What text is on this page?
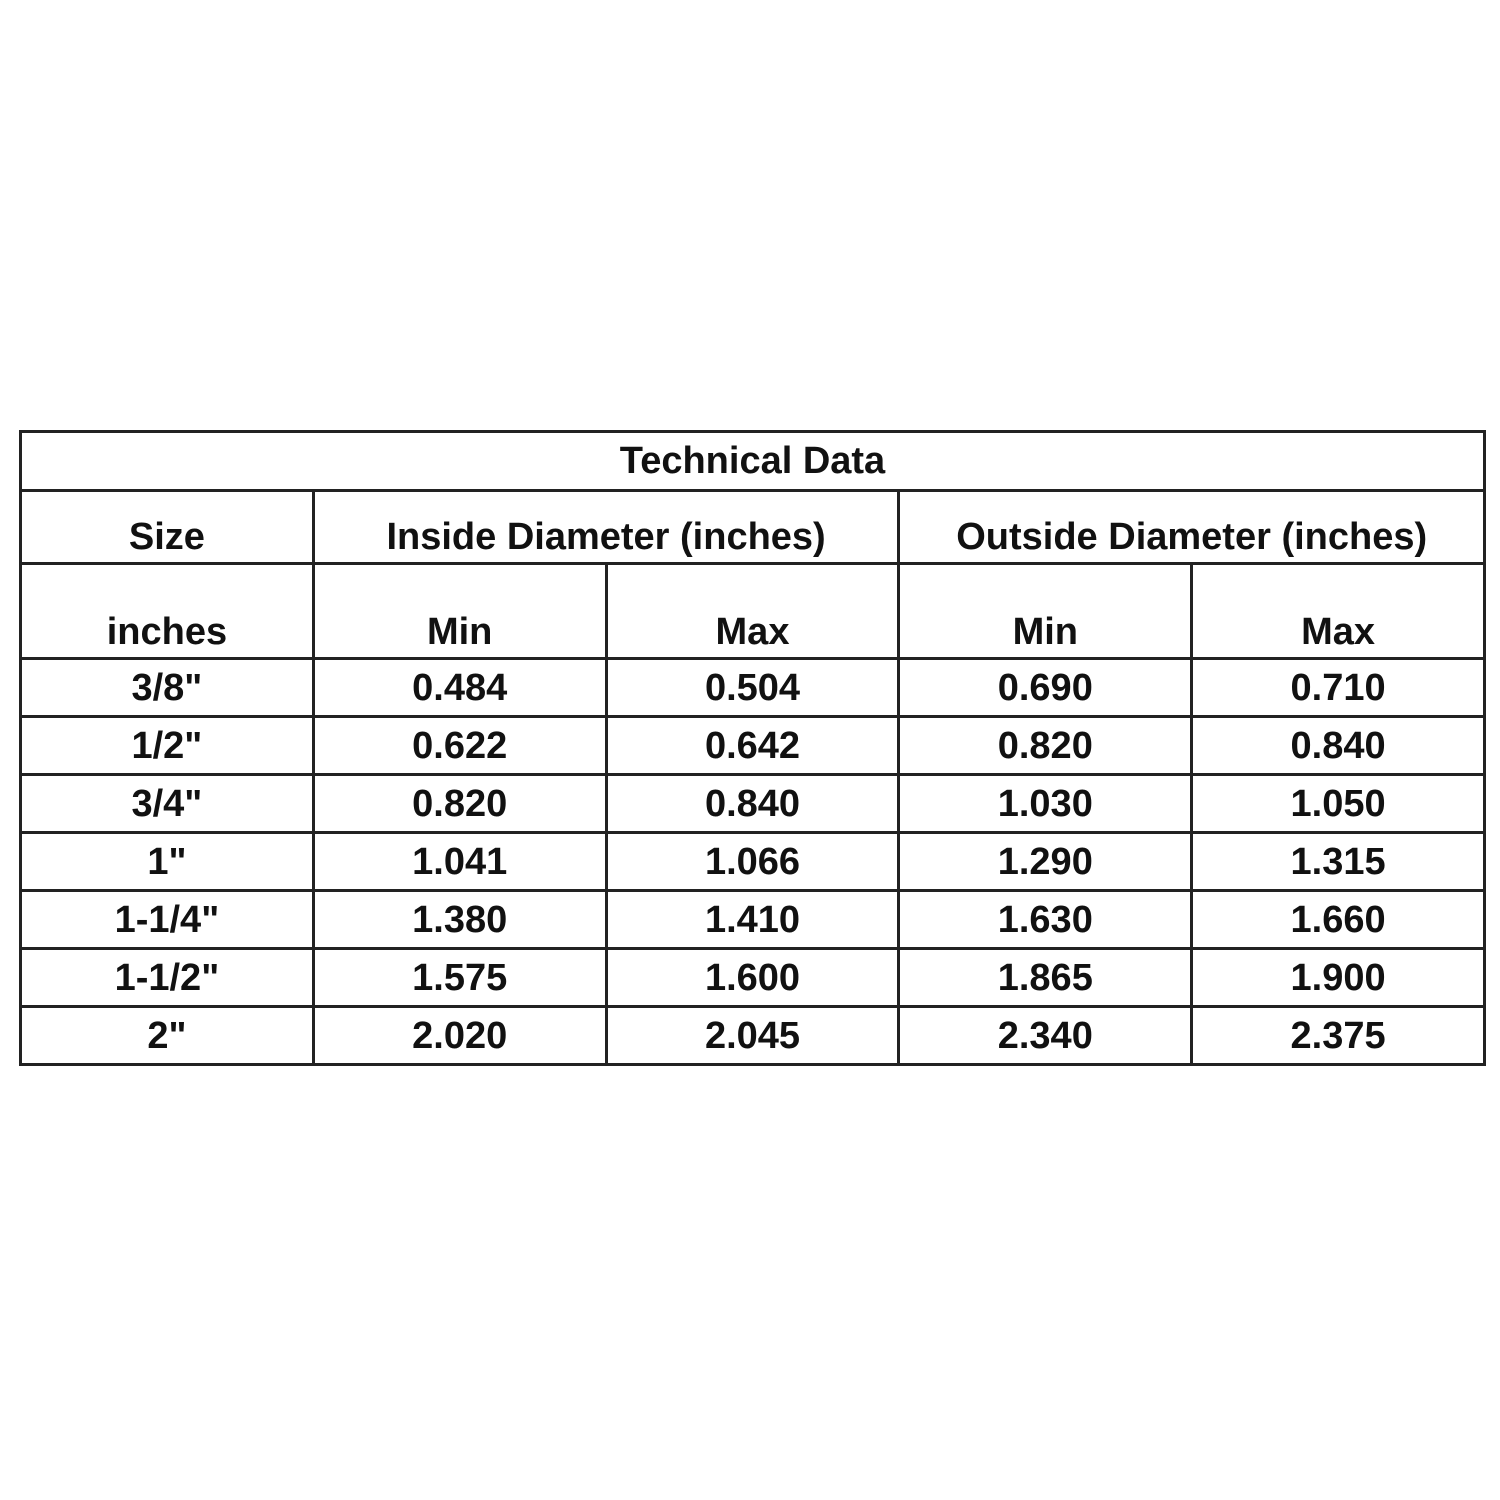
Technical Data				
Size	Inside Diameter (inches)		Outside Diameter (inches)	
inches	Min	Max	Min	Max
3/8"	0.484	0.504	0.690	0.710
1/2"	0.622	0.642	0.820	0.840
3/4"	0.820	0.840	1.030	1.050
1"	1.041	1.066	1.290	1.315
1-1/4"	1.380	1.410	1.630	1.660
1-1/2"	1.575	1.600	1.865	1.900
2"	2.020	2.045	2.340	2.375
